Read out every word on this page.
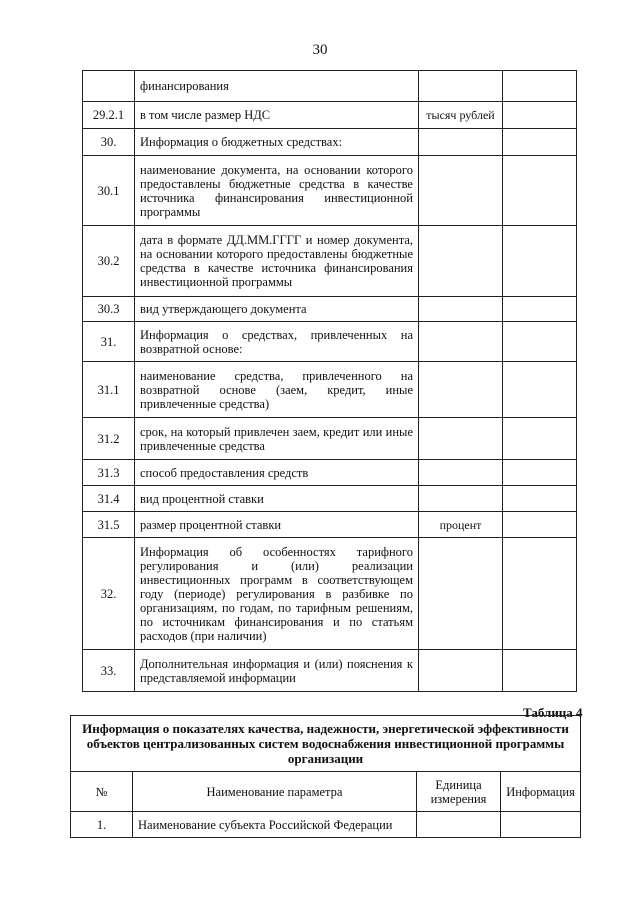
30
	финансирования		
29.2.1	в том числе размер НДС	тысяч рублей	
30.	Информация о бюджетных средствах:		
30.1	наименование документа, на основании которого предоставлены бюджетные средства в качестве источника финансирования инвестиционной программы		
30.2	дата в формате ДД.ММ.ГГГГ и номер документа, на основании которого предоставлены бюджетные средства в качестве источника финансирования инвестиционной программы		
30.3	вид утверждающего документа		
31.	Информация о средствах, привлеченных на возвратной основе:		
31.1	наименование средства, привлеченного на возвратной основе (заем, кредит, иные привлеченные средства)		
31.2	срок, на который привлечен заем, кредит или иные привлеченные средства		
31.3	способ предоставления средств		
31.4	вид процентной ставки		
31.5	размер процентной ставки	процент	
32.	Информация об особенностях тарифного регулирования и (или) реализации инвестиционных программ в соответствующем году (периоде) регулирования в разбивке по организациям, по годам, по тарифным решениям, по источникам финансирования и по статьям расходов (при наличии)		
33.	Дополнительная информация и (или) пояснения к представляемой информации		
Таблица 4
Информация о показателях качества, надежности, энергетической эффективности объектов централизованных систем водоснабжения инвестиционной программы организации			
№	Наименование параметра	Единица измерения	Информация
1.	Наименование субъекта Российской Федерации		
